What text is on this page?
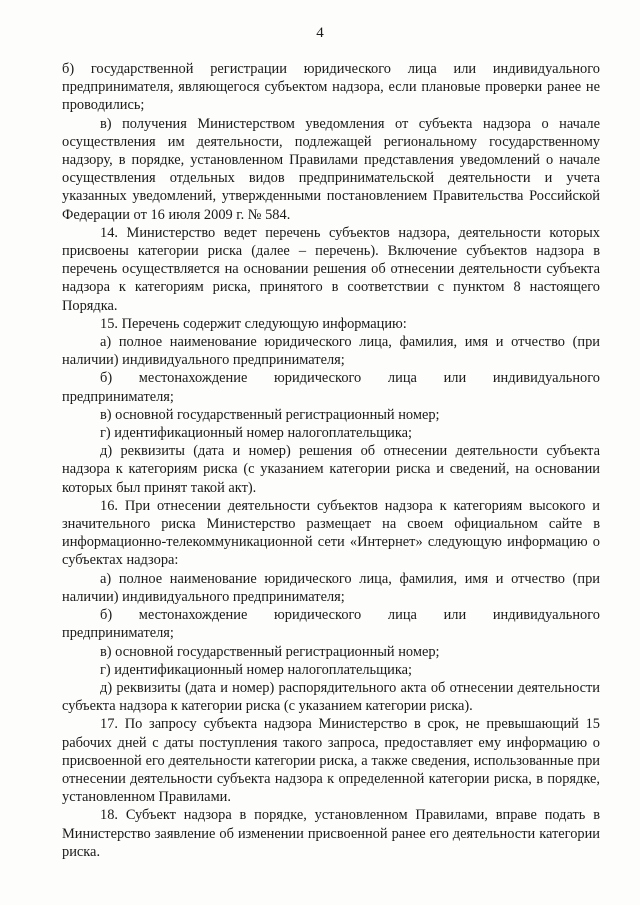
4

б) государственной регистрации юридического лица или индивидуального предпринимателя, являющегося субъектом надзора, если плановые проверки ранее не проводились;

в) получения Министерством уведомления от субъекта надзора о начале осуществления им деятельности, подлежащей региональному государственному надзору, в порядке, установленном Правилами представления уведомлений о начале осуществления отдельных видов предпринимательской деятельности и учета указанных уведомлений, утвержденными постановлением Правительства Российской Федерации от 16 июля 2009 г. № 584.

14. Министерство ведет перечень субъектов надзора, деятельности которых присвоены категории риска (далее – перечень). Включение субъектов надзора в перечень осуществляется на основании решения об отнесении деятельности субъекта надзора к категориям риска, принятого в соответствии с пунктом 8 настоящего Порядка.

15. Перечень содержит следующую информацию:

а) полное наименование юридического лица, фамилия, имя и отчество (при наличии) индивидуального предпринимателя;

б) местонахождение юридического лица или индивидуального предпринимателя;

в) основной государственный регистрационный номер;

г) идентификационный номер налогоплательщика;

д) реквизиты (дата и номер) решения об отнесении деятельности субъекта надзора к категориям риска (с указанием категории риска и сведений, на основании которых был принят такой акт).

16. При отнесении деятельности субъектов надзора к категориям высокого и значительного риска Министерство размещает на своем официальном сайте в информационно-телекоммуникационной сети «Интернет» следующую информацию о субъектах надзора:

а) полное наименование юридического лица, фамилия, имя и отчество (при наличии) индивидуального предпринимателя;

б) местонахождение юридического лица или индивидуального предпринимателя;

в) основной государственный регистрационный номер;

г) идентификационный номер налогоплательщика;

д) реквизиты (дата и номер) распорядительного акта об отнесении деятельности субъекта надзора к категории риска (с указанием категории риска).

17. По запросу субъекта надзора Министерство в срок, не превышающий 15 рабочих дней с даты поступления такого запроса, предоставляет ему информацию о присвоенной его деятельности категории риска, а также сведения, использованные при отнесении деятельности субъекта надзора к определенной категории риска, в порядке, установленном Правилами.

18. Субъект надзора в порядке, установленном Правилами, вправе подать в Министерство заявление об изменении присвоенной ранее его деятельности категории риска.
